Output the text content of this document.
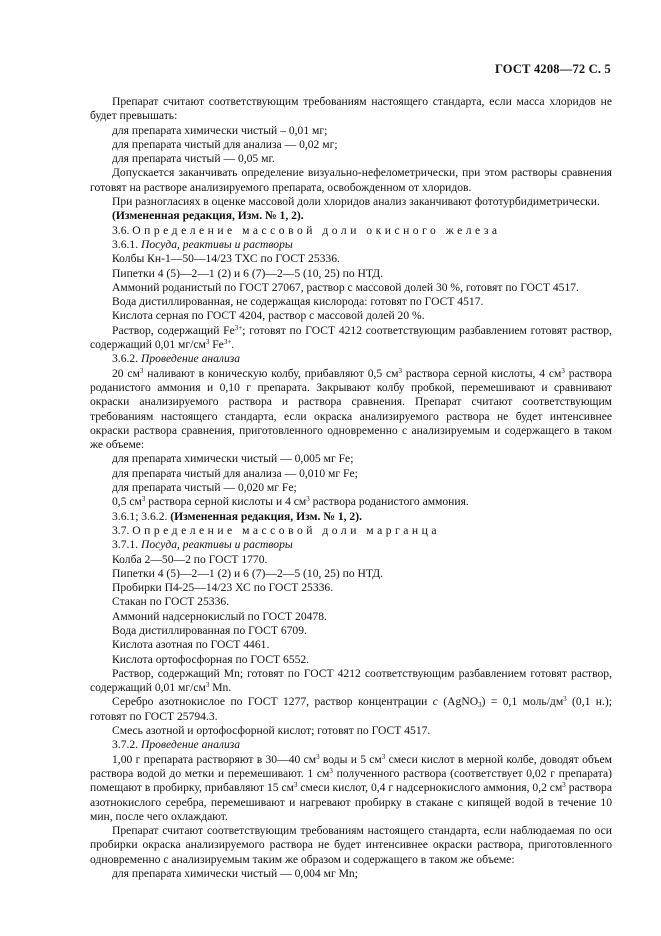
ГОСТ 4208—72 С. 5

Препарат считают соответствующим требованиям настоящего стандарта, если масса хлоридов не будет превышать:

для препарата химически чистый – 0,01 мг;

для препарата чистый для анализа — 0,02 мг;

для препарата чистый — 0,05 мг.

Допускается заканчивать определение визуально-нефелометрически, при этом растворы сравнения готовят на растворе анализируемого препарата, освобожденном от хлоридов.

При разногласиях в оценке массовой доли хлоридов анализ заканчивают фототурбидиметрически.

(Измененная редакция, Изм. № 1, 2).

3.6. Определение массовой доли окисного железа

3.6.1. Посуда, реактивы и растворы

Колбы Кн-1—50—14/23 ТХС по ГОСТ 25336.

Пипетки 4 (5)—2—1 (2) и 6 (7)—2—5 (10, 25) по НТД.

Аммоний роданистый по ГОСТ 27067, раствор с массовой долей 30 %, готовят по ГОСТ 4517.

Вода дистиллированная, не содержащая кислорода: готовят по ГОСТ 4517.

Кислота серная по ГОСТ 4204, раствор с массовой долей 20 %.

Раствор, содержащий $Fe^{3+}$; готовят по ГОСТ 4212 соответствующим разбавлением готовят раствор, содержащий 0,01 $мг/см^3$ $Fe^{3+}$.

3.6.2. Проведение анализа

20 $см^3$ наливают в коническую колбу, прибавляют 0,5 $см^3$ раствора серной кислоты, 4 $см^3$ раствора роданистого аммония и 0,10 г препарата. Закрывают колбу пробкой, перемешивают и сравнивают окраски анализируемого раствора и раствора сравнения. Препарат считают соответствующим требованиям настоящего стандарта, если окраска анализируемого раствора не будет интенсивнее окраски раствора сравнения, приготовленного одновременно с анализируемым и содержащего в таком же объеме:

для препарата химически чистый — 0,005 мг Fe;

для препарата чистый для анализа — 0,010 мг Fe;

для препарата чистый — 0,020 мг Fe;

0,5 $см^3$ раствора серной кислоты и 4 $см^3$ раствора роданистого аммония.

3.6.1; 3.6.2. (Измененная редакция, Изм. № 1, 2).

3.7. Определение массовой доли марганца

3.7.1. Посуда, реактивы и растворы

Колба 2—50—2 по ГОСТ 1770.

Пипетки 4 (5)—2—1 (2) и 6 (7)—2—5 (10, 25) по НТД.

Пробирки П4-25—14/23 ХС по ГОСТ 25336.

Стакан по ГОСТ 25336.

Аммоний надсернокислый по ГОСТ 20478.

Вода дистиллированная по ГОСТ 6709.

Кислота азотная по ГОСТ 4461.

Кислота ортофосфорная по ГОСТ 6552.

Раствор, содержащий Mn; готовят по ГОСТ 4212 соответствующим разбавлением готовят раствор, содержащий 0,01 $мг/см^3$ Mn.

Серебро азотнокислое по ГОСТ 1277, раствор концентрации c (AgNO$_3$) = 0,1 моль/$дм^3$ (0,1 н.); готовят по ГОСТ 25794.3.

Смесь азотной и ортофосфорной кислот; готовят по ГОСТ 4517.

3.7.2. Проведение анализа

1,00 г препарата растворяют в 30—40 $см^3$ воды и 5 $см^3$ смеси кислот в мерной колбе, доводят объем раствора водой до метки и перемешивают. 1 $см^3$ полученного раствора (соответствует 0,02 г препарата) помещают в пробирку, прибавляют 15 $см^3$ смеси кислот, 0,4 г надсернокислого аммония, 0,2 $см^3$ раствора азотнокислого серебра, перемешивают и нагревают пробирку в стакане с кипящей водой в течение 10 мин, после чего охлаждают.

Препарат считают соответствующим требованиям настоящего стандарта, если наблюдаемая по оси пробирки окраска анализируемого раствора не будет интенсивнее окраски раствора, приготовленного одновременно с анализируемым таким же образом и содержащего в таком же объеме:

для препарата химически чистый — 0,004 мг Mn;
